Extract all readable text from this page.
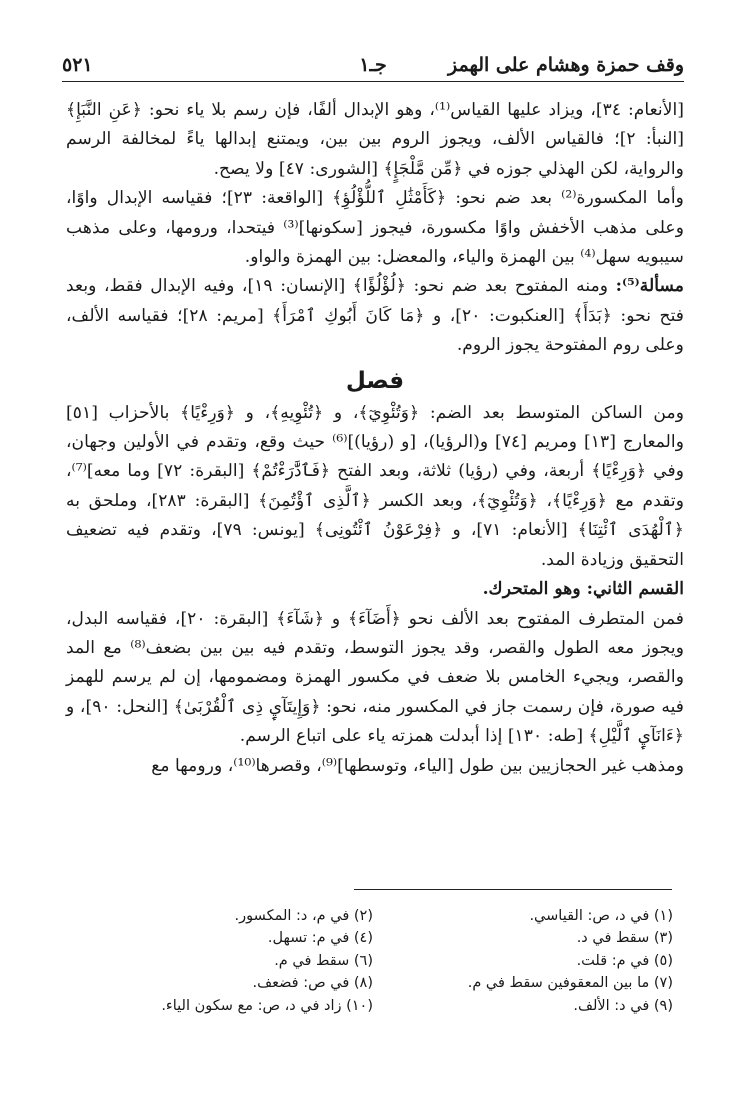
وقف حمزة وهشام على الهمز
جـ١
٥٢١

[الأنعام: ٣٤]، ويزاد عليها القياس⁽¹⁾، وهو الإبدال ألفًا، فإن رسم بلا ياء نحو: ﴿عَنِ النَّبَإِ﴾ [النبأ: ٢]؛ فالقياس الألف، ويجوز الروم بين بين، ويمتنع إبدالها ياءً لمخالفة الرسم والرواية، لكن الهذلي جوزه في ﴿مِّن مَّلْجَإٍ﴾ [الشورى: ٤٧] ولا يصح.

وأما المكسورة⁽²⁾ بعد ضم نحو: ﴿كَأَمْثَٰلِ ٱللُّؤْلُؤِ﴾ [الواقعة: ٢٣]؛ فقياسه الإبدال واوًا، وعلى مذهب الأخفش واوًا مكسورة، فيجوز [سكونها]⁽³⁾ فيتحدا، ورومها، وعلى مذهب سيبويه سهل⁽⁴⁾ بين الهمزة والياء، والمعضل: بين الهمزة والواو.

مسألة⁽⁵⁾: ومنه المفتوح بعد ضم نحو: ﴿لُؤْلُؤًا﴾ [الإنسان: ١٩]، وفيه الإبدال فقط، وبعد فتح نحو: ﴿بَدَأَ﴾ [العنكبوت: ٢٠]، و ﴿مَا كَانَ أَبُوكِ ٱمْرَأَ﴾ [مريم: ٢٨]؛ فقياسه الألف، وعلى روم المفتوحة يجوز الروم.

فصل

ومن الساكن المتوسط بعد الضم: ﴿وَتُئْوِيٓ﴾، و ﴿تُئْوِيهِ﴾، و ﴿وَرِءْيًا﴾ بالأحزاب [٥١] والمعارج [١٣] ومريم [٧٤] و(الرؤيا)، [و (رؤيا)]⁽⁶⁾ حيث وقع، وتقدم في الأولين وجهان، وفي ﴿وَرِءْيًا﴾ أربعة، وفي (رؤيا) ثلاثة، وبعد الفتح ﴿فَٱدَّٰرَءْتُمْ﴾ [البقرة: ٧٢] وما معه]⁽⁷⁾، وتقدم مع ﴿وَرِءْيًا﴾، ﴿وَتُئْوِيٓ﴾، وبعد الكسر ﴿ٱلَّذِى ٱؤْتُمِنَ﴾ [البقرة: ٢٨٣]، وملحق به ﴿ٱلْهُدَى ٱئْتِنَا﴾ [الأنعام: ٧١]، و ﴿فِرْعَوْنُ ٱئْتُونِى﴾ [يونس: ٧٩]، وتقدم فيه تضعيف التحقيق وزيادة المد.

القسم الثاني: وهو المتحرك.

فمن المتطرف المفتوح بعد الألف نحو ﴿أَضَآءَ﴾ و ﴿شَآءَ﴾ [البقرة: ٢٠]، فقياسه البدل، ويجوز معه الطول والقصر، وقد يجوز التوسط، وتقدم فيه بين بين بضعف⁽⁸⁾ مع المد والقصر، ويجيء الخامس بلا ضعف في مكسور الهمزة ومضمومها، إن لم يرسم للهمز فيه صورة، فإن رسمت جاز في المكسور منه، نحو: ﴿وَإِيتَآيِٕ ذِى ٱلْقُرْبَىٰ﴾ [النحل: ٩٠]، و ﴿ءَانَآيِٕ ٱلَّيْلِ﴾ [طه: ١٣٠] إذا أبدلت همزته ياء على اتباع الرسم.

ومذهب غير الحجازيين بين طول [الياء، وتوسطها]⁽⁹⁾، وقصرها⁽¹⁰⁾، ورومها مع

(١) في د، ص: القياسي.
(٢) في م، د: المكسور.
(٣) سقط في د.
(٤) في م: تسهل.
(٥) في م: قلت.
(٦) سقط في م.
(٧) ما بين المعقوفين سقط في م.
(٨) في ص: فضعف.
(٩) في د: الألف.
(١٠) زاد في د، ص: مع سكون الياء.
